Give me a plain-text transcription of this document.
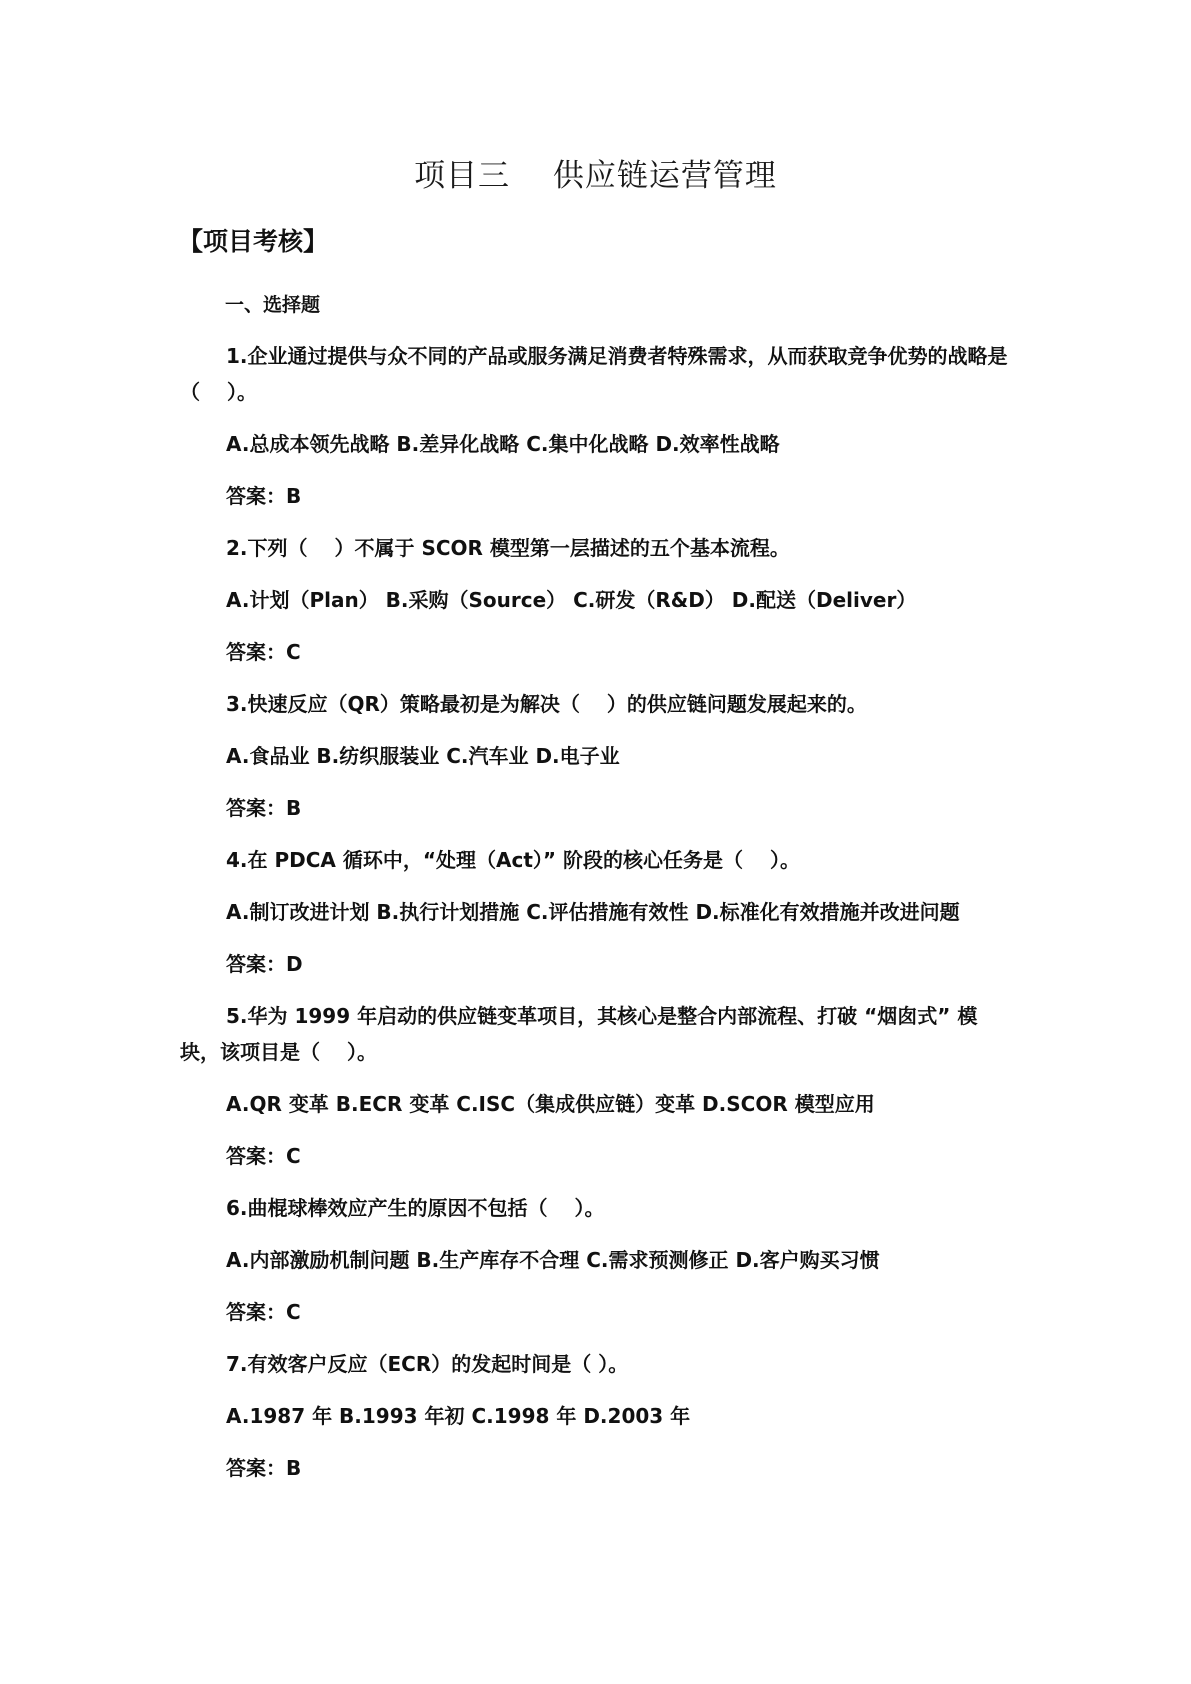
项目三　 供应链运营管理
【项目考核】
一、选择题

1.企业通过提供与众不同的产品或服务满足消费者特殊需求，从而获取竞争优势的战略是（　 ）。

A.总成本领先战略 B.差异化战略 C.集中化战略 D.效率性战略

答案：B

2.下列（　 ）不属于 SCOR 模型第一层描述的五个基本流程。

A.计划（Plan） B.采购（Source） C.研发（R&D） D.配送（Deliver）

答案：C

3.快速反应（QR）策略最初是为解决（　 ）的供应链问题发展起来的。

A.食品业 B.纺织服装业 C.汽车业 D.电子业

答案：B

4.在 PDCA 循环中，“处理（Act）” 阶段的核心任务是（　 ）。

A.制订改进计划 B.执行计划措施 C.评估措施有效性 D.标准化有效措施并改进问题

答案：D

5.华为 1999 年启动的供应链变革项目，其核心是整合内部流程、打破 “烟囱式” 模块，该项目是（　 ）。

A.QR 变革 B.ECR 变革 C.ISC（集成供应链）变革 D.SCOR 模型应用

答案：C

6.曲棍球棒效应产生的原因不包括（　 ）。

A.内部激励机制问题 B.生产库存不合理 C.需求预测修正 D.客户购买习惯

答案：C

7.有效客户反应（ECR）的发起时间是（ ）。

A.1987 年 B.1993 年初 C.1998 年 D.2003 年

答案：B
